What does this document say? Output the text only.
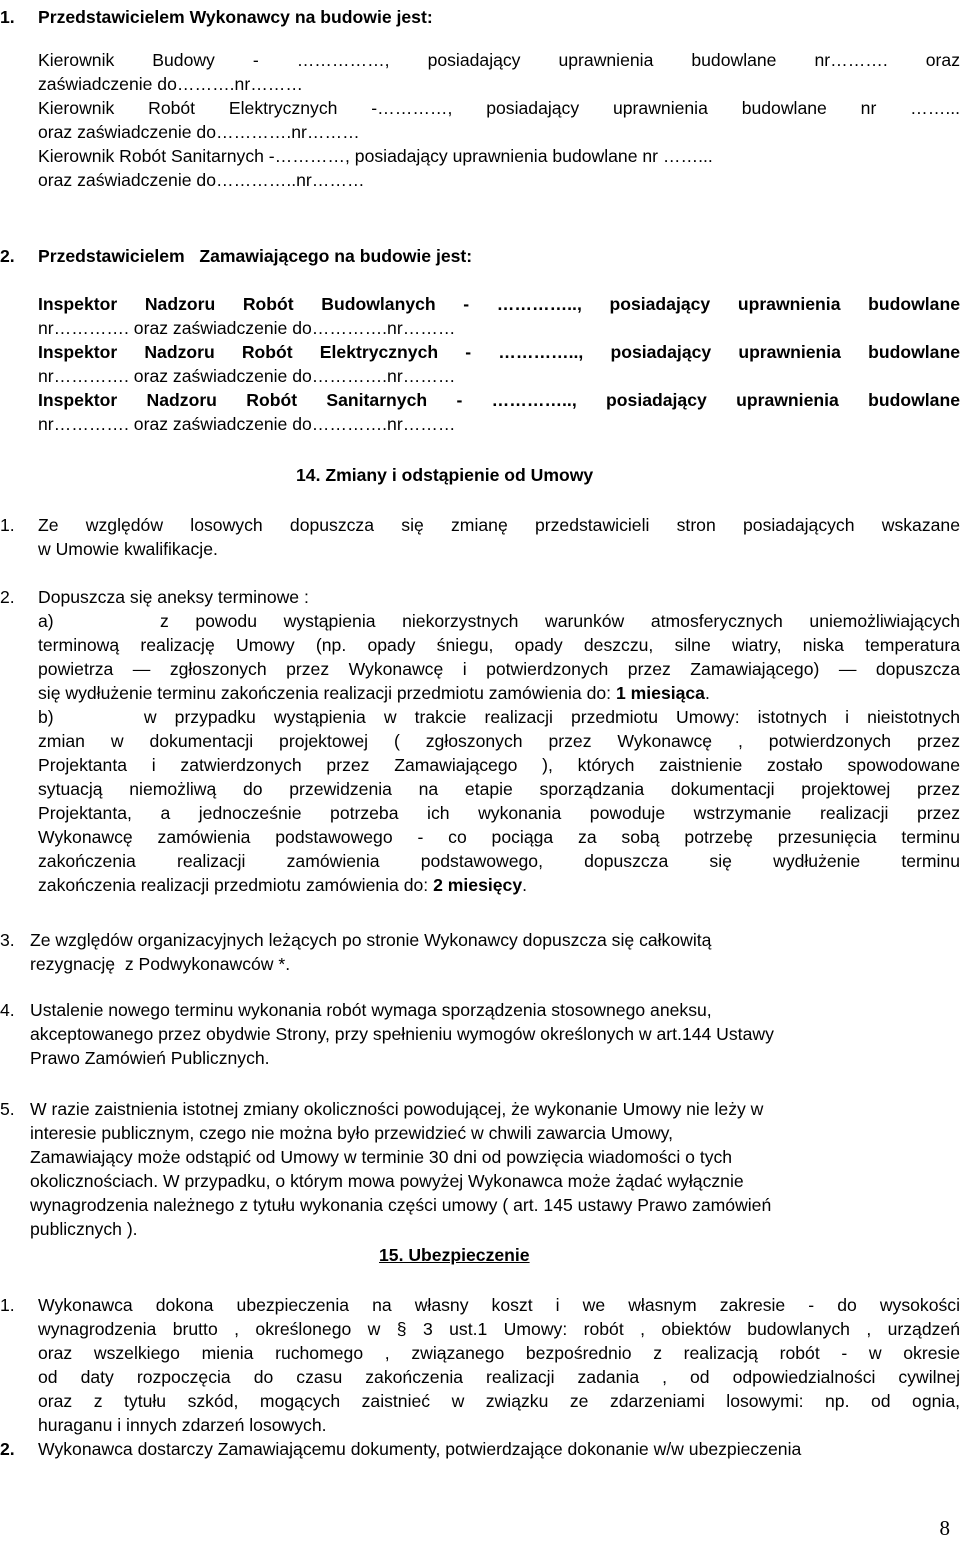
1. Przedstawicielem Wykonawcy na budowie jest:
Kierownik Budowy - ……………, posiadający uprawnienia budowlane nr………. oraz
zaświadczenie do……….nr………
Kierownik Robót Elektrycznych -…………, posiadający uprawnienia budowlane nr ……...
oraz zaświadczenie do………….nr………
Kierownik Robót Sanitarnych -…………, posiadający uprawnienia budowlane nr ……...
oraz zaświadczenie do…………..nr………
2. Przedstawicielem   Zamawiającego na budowie jest:
Inspektor Nadzoru Robót Budowlanych - ………….., posiadający uprawnienia budowlane
nr…………. oraz zaświadczenie do………….nr………
Inspektor Nadzoru Robót Elektrycznych - ………….., posiadający uprawnienia budowlane
nr…………. oraz zaświadczenie do………….nr………
Inspektor Nadzoru Robót Sanitarnych - ………….., posiadający uprawnienia budowlane
nr…………. oraz zaświadczenie do………….nr………
14. Zmiany i odstąpienie od Umowy
1. Ze względów losowych dopuszcza się zmianę przedstawicieli stron posiadających wskazane
w Umowie kwalifikacje.
2. Dopuszcza się aneksy terminowe :
a)    z powodu wystąpienia niekorzystnych warunków atmosferycznych uniemożliwiających
terminową realizację Umowy (np. opady śniegu, opady deszczu, silne wiatry, niska temperatura
powietrza — zgłoszonych przez Wykonawcę i potwierdzonych przez Zamawiającego) — dopuszcza
się wydłużenie terminu zakończenia realizacji przedmiotu zamówienia do: 1 miesiąca.
b)     w przypadku wystąpienia w trakcie realizacji przedmiotu Umowy: istotnych i nieistotnych
zmian w dokumentacji projektowej ( zgłoszonych przez Wykonawcę , potwierdzonych przez
Projektanta i zatwierdzonych przez Zamawiającego ), których zaistnienie zostało spowodowane
sytuacją niemożliwą do przewidzenia na etapie sporządzania dokumentacji projektowej przez
Projektanta, a jednocześnie potrzeba ich wykonania powoduje wstrzymanie realizacji przez
Wykonawcę zamówienia podstawowego - co pociąga za sobą potrzebę przesunięcia terminu
zakończenia realizacji zamówienia podstawowego, dopuszcza się wydłużenie terminu
zakończenia realizacji przedmiotu zamówienia do: 2 miesięcy.
3. Ze względów organizacyjnych leżących po stronie Wykonawcy dopuszcza się całkowitą
rezygnację  z Podwykonawców *.
4. Ustalenie nowego terminu wykonania robót wymaga sporządzenia stosownego aneksu,
akceptowanego przez obydwie Strony, przy spełnieniu wymogów określonych w art.144 Ustawy
Prawo Zamówień Publicznych.
5. W razie zaistnienia istotnej zmiany okoliczności powodującej, że wykonanie Umowy nie leży w
interesie publicznym, czego nie można było przewidzieć w chwili zawarcia Umowy,
Zamawiający może odstąpić od Umowy w terminie 30 dni od powzięcia wiadomości o tych
okolicznościach. W przypadku, o którym mowa powyżej Wykonawca może żądać wyłącznie
wynagrodzenia należnego z tytułu wykonania części umowy ( art. 145 ustawy Prawo zamówień
publicznych ).
15. Ubezpieczenie
1. Wykonawca dokona ubezpieczenia na własny koszt i we własnym zakresie - do wysokości
wynagrodzenia brutto , określonego w § 3 ust.1 Umowy: robót , obiektów budowlanych , urządzeń
oraz wszelkiego mienia ruchomego , związanego bezpośrednio z realizacją robót - w okresie
od daty rozpoczęcia do czasu zakończenia realizacji zadania , od odpowiedzialności cywilnej
oraz z tytułu szkód, mogących zaistnieć w związku ze zdarzeniami losowymi: np. od ognia,
huraganu i innych zdarzeń losowych.
2. Wykonawca dostarczy Zamawiającemu dokumenty, potwierdzające dokonanie w/w ubezpieczenia
8
